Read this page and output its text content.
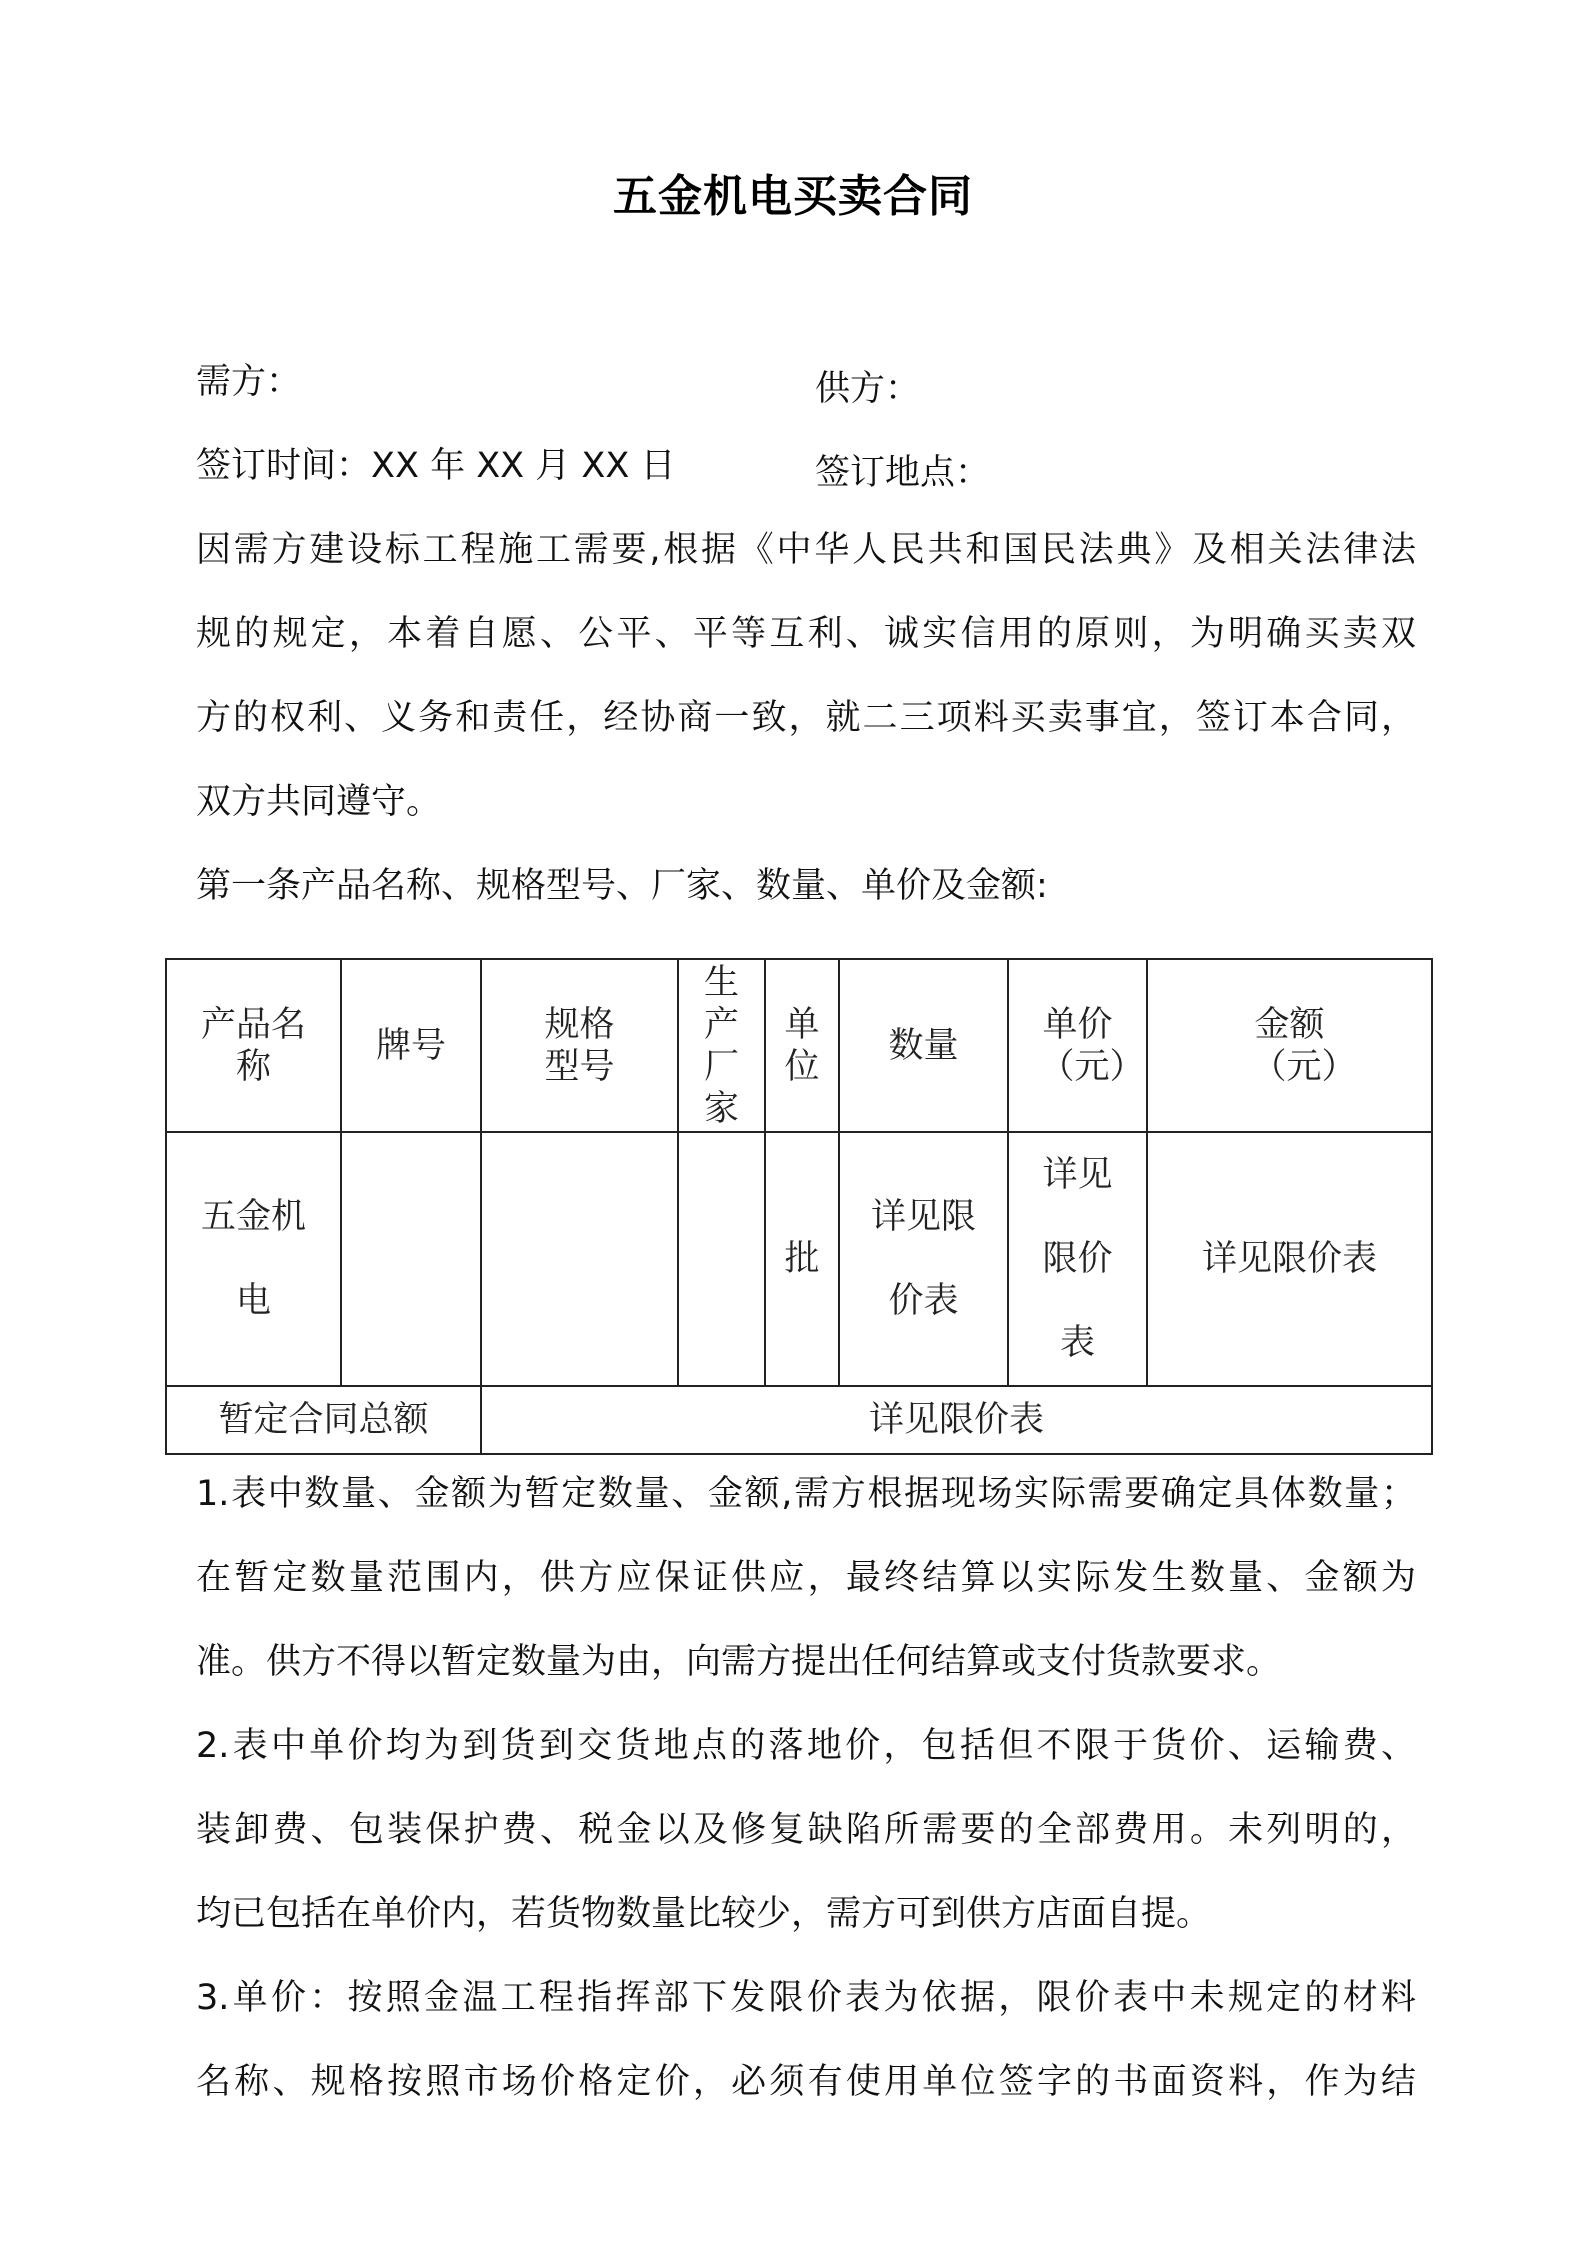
五金机电买卖合同
需方：	供方：
签订时间：XX 年 XX 月 XX 日	签订地点：
因需方建设标工程施工需要,根据《中华人民共和国民法典》及相关法律法
规的规定，本着自愿、公平、平等互利、诚实信用的原则，为明确买卖双
方的权利、义务和责任，经协商一致，就二三项料买卖事宜，签订本合同，
双方共同遵守。
第一条产品名称、规格型号、厂家、数量、单价及金额:
产品名称	牌号	规格型号	生产厂家	单位	数量	单价（元）	金额（元）
五金机电				批	详见限价表	详见限价表	详见限价表
暂定合同总额		详见限价表					
1.表中数量、金额为暂定数量、金额,需方根据现场实际需要确定具体数量；
在暂定数量范围内，供方应保证供应，最终结算以实际发生数量、金额为
准。供方不得以暂定数量为由，向需方提出任何结算或支付货款要求。
2.表中单价均为到货到交货地点的落地价，包括但不限于货价、运输费、
装卸费、包装保护费、税金以及修复缺陷所需要的全部费用。未列明的，
均已包括在单价内，若货物数量比较少，需方可到供方店面自提。
3.单价：按照金温工程指挥部下发限价表为依据，限价表中未规定的材料
名称、规格按照市场价格定价，必须有使用单位签字的书面资料，作为结
